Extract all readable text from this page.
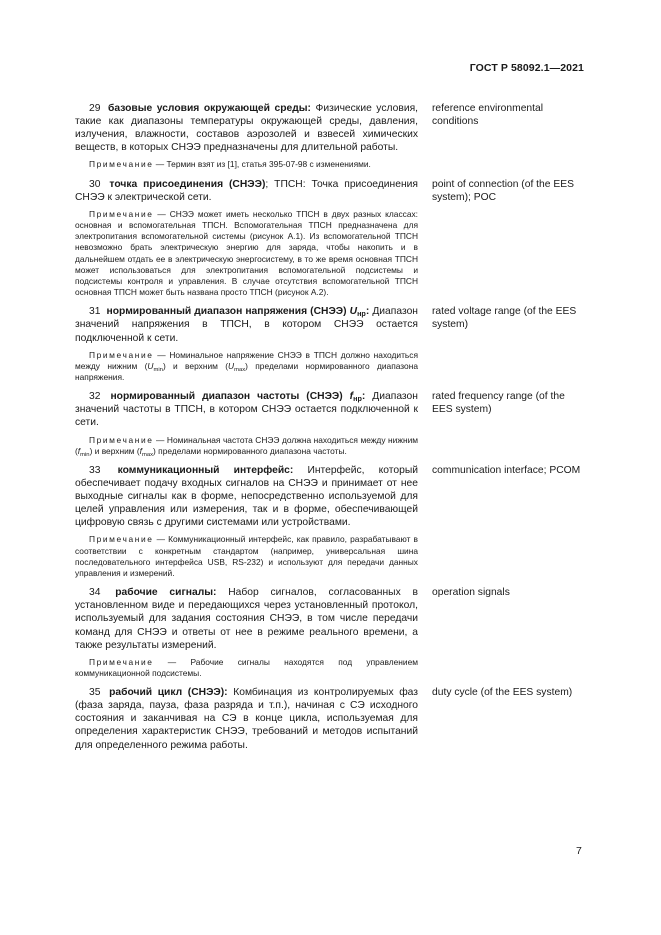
ГОСТ Р 58092.1—2021

29 базовые условия окружающей среды: Физические условия, такие как диапазоны температуры окружающей среды, давления, излучения, влажности, составов аэрозолей и взвесей химических веществ, в которых СНЭЭ предназначены для длительной работы.

Примечание — Термин взят из [1], статья 395-07-98 с изменениями.

reference environmental conditions

30 точка присоединения (СНЭЭ); ТПСН: Точка присоединения СНЭЭ к электрической сети.

Примечание — СНЭЭ может иметь несколько ТПСН в двух разных классах: основная и вспомогательная ТПСН. Вспомогательная ТПСН предназначена для электропитания вспомогательной системы (рисунок А.1). Из вспомогательной ТПСН невозможно брать электрическую энергию для заряда, чтобы накопить и в дальнейшем отдать ее в электрическую энергосистему, в то же время основная ТПСН может использоваться для электропитания вспомогательной подсистемы и подсистемы контроля и управления. В случае отсутствия вспомогательной ТПСН основная ТПСН может быть названа просто ТПСН (рисунок А.2).

point of connection (of the EES system); POC

31 нормированный диапазон напряжения (СНЭЭ) $U_{нр}$: Диапазон значений напряжения в ТПСН, в котором СНЭЭ остается подключенной к сети.

Примечание — Номинальное напряжение СНЭЭ в ТПСН должно находиться между нижним $(U_{min})$ и верхним $(U_{max})$ пределами нормированного диапазона напряжения.

rated voltage range (of the EES system)

32 нормированный диапазон частоты (СНЭЭ) $f_{нр}$: Диапазон значений частоты в ТПСН, в котором СНЭЭ остается подключенной к сети.

Примечание — Номинальная частота СНЭЭ должна находиться между нижним $(f_{min})$ и верхним $(f_{max})$ пределами нормированного диапазона частоты.

rated frequency range (of the EES system)

33 коммуникационный интерфейс: Интерфейс, который обеспечивает подачу входных сигналов на СНЭЭ и принимает от нее выходные сигналы как в форме, непосредственно используемой для целей управления или измерения, так и в форме, обеспечивающей цифровую связь с другими системами или устройствами.

Примечание — Коммуникационный интерфейс, как правило, разрабатывают в соответствии с конкретным стандартом (например, универсальная шина последовательного интерфейса USB, RS-232) и используют для передачи данных управления и измерений.

communication interface; PCOM

34 рабочие сигналы: Набор сигналов, согласованных в установленном виде и передающихся через установленный протокол, используемый для задания состояния СНЭЭ, в том числе передачи команд для СНЭЭ и ответы от нее в режиме реального времени, а также результаты измерений.

Примечание — Рабочие сигналы находятся под управлением коммуникационной подсистемы.

operation signals

35 рабочий цикл (СНЭЭ): Комбинация из контролируемых фаз (фаза заряда, пауза, фаза разряда и т.п.), начиная с СЭ исходного состояния и заканчивая на СЭ в конце цикла, используемая для определения характеристик СНЭЭ, требований и методов испытаний для определенного режима работы.

duty cycle (of the EES system)
7
